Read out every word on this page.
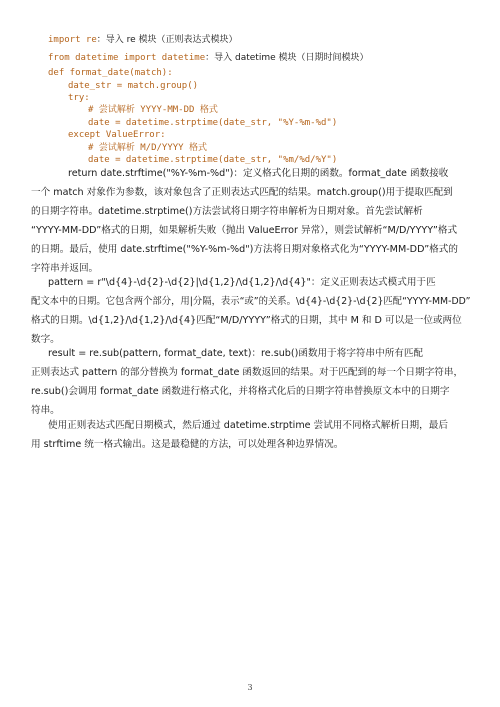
import re：导入 re 模块（正则表达式模块）
from datetime import datetime：导入 datetime 模块（日期时间模块）
def format_date(match):
date_str = match.group()
try:
# 尝试解析 YYYY-MM-DD 格式
date = datetime.strptime(date_str, "%Y-%m-%d")
except ValueError:
# 尝试解析 M/D/YYYY 格式
date = datetime.strptime(date_str, "%m/%d/%Y")
return date.strftime("%Y-%m-%d")：定义格式化日期的函数。format_date 函数接收
一个 match 对象作为参数，该对象包含了正则表达式匹配的结果。match.group()用于提取匹配到
的日期字符串。datetime.strptime()方法尝试将日期字符串解析为日期对象。首先尝试解析
“YYYY-MM-DD”格式的日期，如果解析失败（抛出 ValueError 异常），则尝试解析“M/D/YYYY”格式
的日期。最后，使用 date.strftime("%Y-%m-%d")方法将日期对象格式化为“YYYY-MM-DD”格式的
字符串并返回。
pattern = r"\d{4}-\d{2}-\d{2}|\d{1,2}/\d{1,2}/\d{4}"：定义正则表达式模式用于匹
配文本中的日期。它包含两个部分，用|分隔，表示“或”的关系。\d{4}-\d{2}-\d{2}匹配“YYYY-MM-DD”
格式的日期。\d{1,2}/\d{1,2}/\d{4}匹配“M/D/YYYY”格式的日期，其中 M 和 D 可以是一位或两位
数字。
result = re.sub(pattern, format_date, text)：re.sub()函数用于将字符串中所有匹配
正则表达式 pattern 的部分替换为 format_date 函数返回的结果。对于匹配到的每一个日期字符串，
re.sub()会调用 format_date 函数进行格式化，并将格式化后的日期字符串替换原文本中的日期字
符串。
使用正则表达式匹配日期模式，然后通过 datetime.strptime 尝试用不同格式解析日期，最后
用 strftime 统一格式输出。这是最稳健的方法，可以处理各种边界情况。
3
